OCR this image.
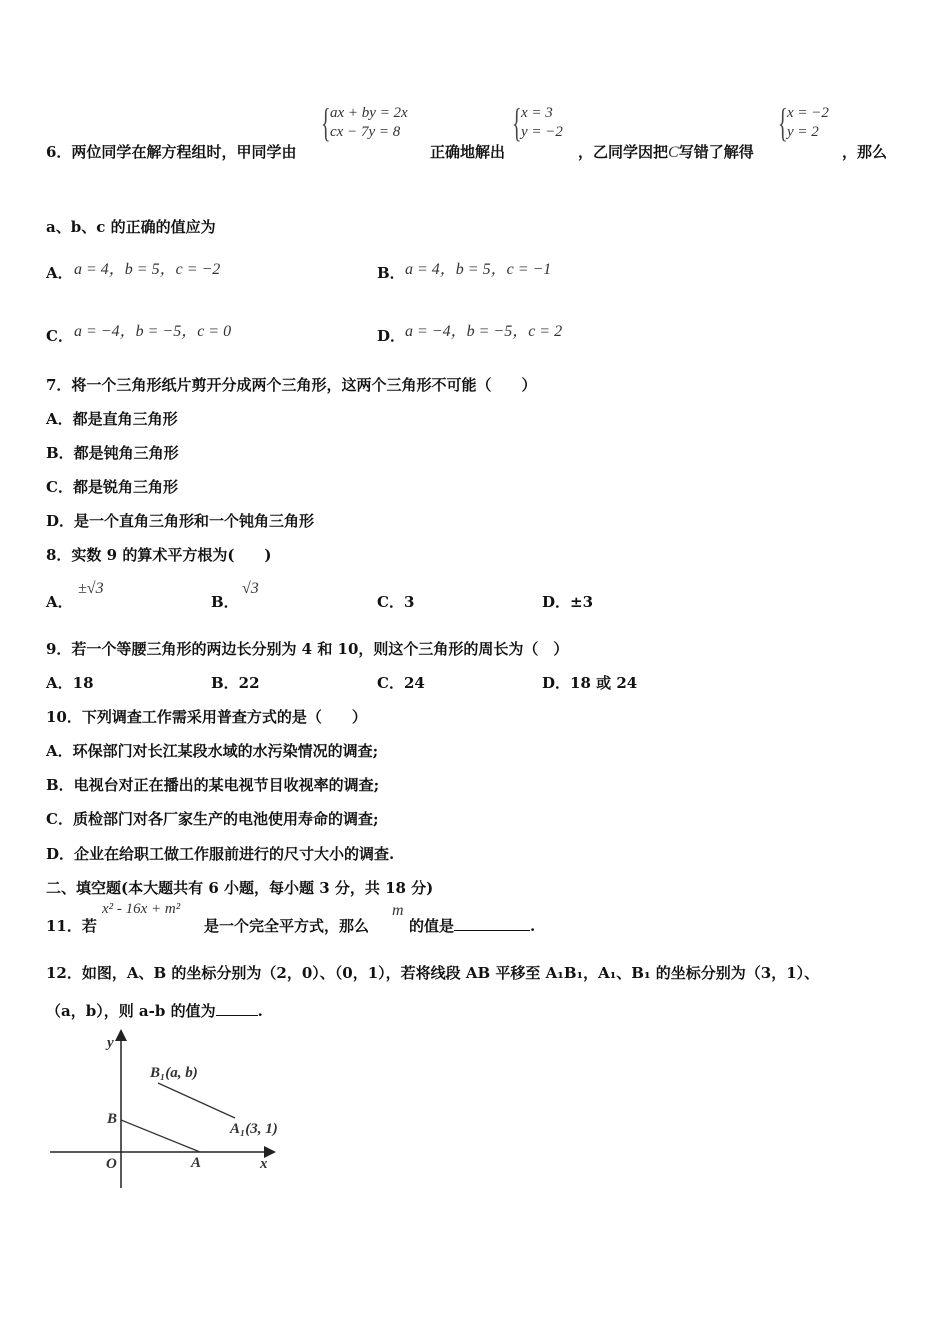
6．两位同学在解方程组时，甲同学由
{ ax + by = 2x
cx − 7y = 8
正确地解出
{ x = 3
y = −2
，乙同学因把C写错了解得
{ x = −2
y = 2
，那么
a、b、c 的正确的值应为
A． a = 4，b = 5，c = −2	B． a = 4，b = 5，c = −1
C． a = −4，b = −5，c = 0	D． a = −4，b = −5，c = 2
7．将一个三角形纸片剪开分成两个三角形，这两个三角形不可能（　　）
A．都是直角三角形
B．都是钝角三角形
C．都是锐角三角形
D．是一个直角三角形和一个钝角三角形
8．实数 9 的算术平方根为(　　)
A．
±√3
B．
√3
C．3	D．±3
9．若一个等腰三角形的两边长分别为 4 和 10，则这个三角形的周长为（　）
A．18	B．22	C．24	D．18 或 24
10．下列调查工作需采用普查方式的是（　　）
A．环保部门对长江某段水域的水污染情况的调查;
B．电视台对正在播出的某电视节目收视率的调查;
C．质检部门对各厂家生产的电池使用寿命的调查;
D．企业在给职工做工作服前进行的尺寸大小的调查.
二、填空题(本大题共有 6 小题，每小题 3 分，共 18 分)
11．若
x² - 16x + m²
是一个完全平方式，那么
m
的值是	.
12．如图，A、B 的坐标分别为（2，0）、（0，1），若将线段 AB 平移至 A₁B₁，A₁、B₁ 的坐标分别为（3，1）、
（a，b），则 a-b 的值为	.
y
x
O	A
B
B₁(a, b)
A₁(3, 1)
